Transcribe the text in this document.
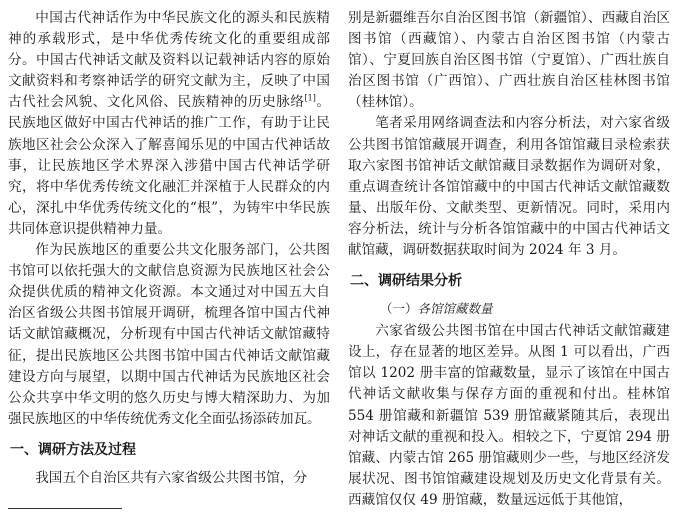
中国古代神话作为中华民族文化的源头和民族精神的承载形式，是中华优秀传统文化的重要组成部分。中国古代神话文献及资料以记载神话内容的原始文献资料和考察神话学的研究文献为主，反映了中国古代社会风貌、文化风俗、民族精神的历史脉络[1]。民族地区做好中国古代神话的推广工作，有助于让民族地区社会公众深入了解喜闻乐见的中国古代神话故事，让民族地区学术界深入涉猎中国古代神话学研究，将中华优秀传统文化融汇并深植于人民群众的内心，深扎中华优秀传统文化的“根”，为铸牢中华民族共同体意识提供精神力量。

作为民族地区的重要公共文化服务部门，公共图书馆可以依托强大的文献信息资源为民族地区社会公众提供优质的精神文化资源。本文通过对中国五大自治区省级公共图书馆展开调研，梳理各馆中国古代神话文献馆藏概况，分析现有中国古代神话文献馆藏特征，提出民族地区公共图书馆中国古代神话文献馆藏建设方向与展望，以期中国古代神话为民族地区社会公众共享中华文明的悠久历史与博大精深助力、为加强民族地区的中华传统优秀文化全面弘扬添砖加瓦。

一、调研方法及过程

我国五个自治区共有六家省级公共图书馆，分

别是新疆维吾尔自治区图书馆（新疆馆）、西藏自治区图书馆（西藏馆）、内蒙古自治区图书馆（内蒙古馆）、宁夏回族自治区图书馆（宁夏馆）、广西壮族自治区图书馆（广西馆）、广西壮族自治区桂林图书馆（桂林馆）。

笔者采用网络调查法和内容分析法，对六家省级公共图书馆馆藏展开调查，利用各馆馆藏目录检索获取六家图书馆神话文献馆藏目录数据作为调研对象，重点调查统计各馆馆藏中的中国古代神话文献馆藏数量、出版年份、文献类型、更新情况。同时，采用内容分析法，统计与分析各馆馆藏中的中国古代神话文献馆藏，调研数据获取时间为 2024 年 3 月。

二、调研结果分析
（一）各馆馆藏数量

六家省级公共图书馆在中国古代神话文献馆藏建设上，存在显著的地区差异。从图 1 可以看出，广西馆以 1202 册丰富的馆藏数量，显示了该馆在中国古代神话文献收集与保存方面的重视和付出。桂林馆 554 册馆藏和新疆馆 539 册馆藏紧随其后，表现出对神话文献的重视和投入。相较之下，宁夏馆 294 册馆藏、内蒙古馆 265 册馆藏则少一些，与地区经济发展状况、图书馆馆藏建设规划及历史文化背景有关。西藏馆仅仅 49 册馆藏，数量远远低于其他馆，
